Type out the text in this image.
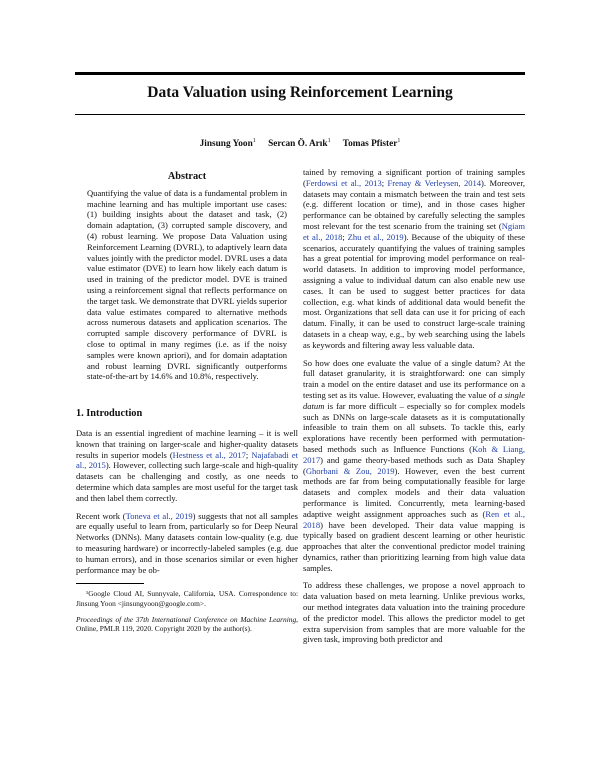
Data Valuation using Reinforcement Learning
Jinsung Yoon$^1$ Sercan Ö. Arık$^1$ Tomas Pfister$^1$
Abstract

Quantifying the value of data is a fundamental problem in machine learning and has multiple important use cases: (1) building insights about the dataset and task, (2) domain adaptation, (3) corrupted sample discovery, and (4) robust learning. We propose Data Valuation using Reinforcement Learning (DVRL), to adaptively learn data values jointly with the predictor model. DVRL uses a data value estimator (DVE) to learn how likely each datum is used in training of the predictor model. DVE is trained using a reinforcement signal that reflects performance on the target task. We demonstrate that DVRL yields superior data value estimates compared to alternative methods across numerous datasets and application scenarios. The corrupted sample discovery performance of DVRL is close to optimal in many regimes (i.e. as if the noisy samples were known apriori), and for domain adaptation and robust learning DVRL significantly outperforms state-of-the-art by 14.6% and 10.8%, respectively.

1. Introduction

Data is an essential ingredient of machine learning – it is well known that training on larger-scale and higher-quality datasets results in superior models (Hestness et al., 2017; Najafabadi et al., 2015). However, collecting such large-scale and high-quality datasets can be challenging and costly, as one needs to determine which data samples are most useful for the target task and then label them correctly.

Recent work (Toneva et al., 2019) suggests that not all samples are equally useful to learn from, particularly so for Deep Neural Networks (DNNs). Many datasets contain low-quality (e.g. due to measuring hardware) or incorrectly-labeled samples (e.g. due to human errors), and in those scenarios similar or even higher performance may be ob-

¹Google Cloud AI, Sunnyvale, California, USA. Correspondence to: Jinsung Yoon <jinsungyoon@google.com>.

Proceedings of the 37th International Conference on Machine Learning, Online, PMLR 119, 2020. Copyright 2020 by the author(s).

tained by removing a significant portion of training samples (Ferdowsi et al., 2013; Frenay & Verleysen, 2014). Moreover, datasets may contain a mismatch between the train and test sets (e.g. different location or time), and in those cases higher performance can be obtained by carefully selecting the samples most relevant for the test scenario from the training set (Ngiam et al., 2018; Zhu et al., 2019). Because of the ubiquity of these scenarios, accurately quantifying the values of training samples has a great potential for improving model performance on real-world datasets. In addition to improving model performance, assigning a value to individual datum can also enable new use cases. It can be used to suggest better practices for data collection, e.g. what kinds of additional data would benefit the most. Organizations that sell data can use it for pricing of each datum. Finally, it can be used to construct large-scale training datasets in a cheap way, e.g., by web searching using the labels as keywords and filtering away less valuable data.

So how does one evaluate the value of a single datum? At the full dataset granularity, it is straightforward: one can simply train a model on the entire dataset and use its performance on a testing set as its value. However, evaluating the value of a single datum is far more difficult – especially so for complex models such as DNNs on large-scale datasets as it is computationally infeasible to train them on all subsets. To tackle this, early explorations have recently been performed with permutation-based methods such as Influence Functions (Koh & Liang, 2017) and game theory-based methods such as Data Shapley (Ghorbani & Zou, 2019). However, even the best current methods are far from being computationally feasible for large datasets and complex models and their data valuation performance is limited. Concurrently, meta learning-based adaptive weight assignment approaches such as (Ren et al., 2018) have been developed. Their data value mapping is typically based on gradient descent learning or other heuristic approaches that alter the conventional predictor model training dynamics, rather than prioritizing learning from high value data samples.

To address these challenges, we propose a novel approach to data valuation based on meta learning. Unlike previous works, our method integrates data valuation into the training procedure of the predictor model. This allows the predictor model to get extra supervision from samples that are more valuable for the given task, improving both predictor and
